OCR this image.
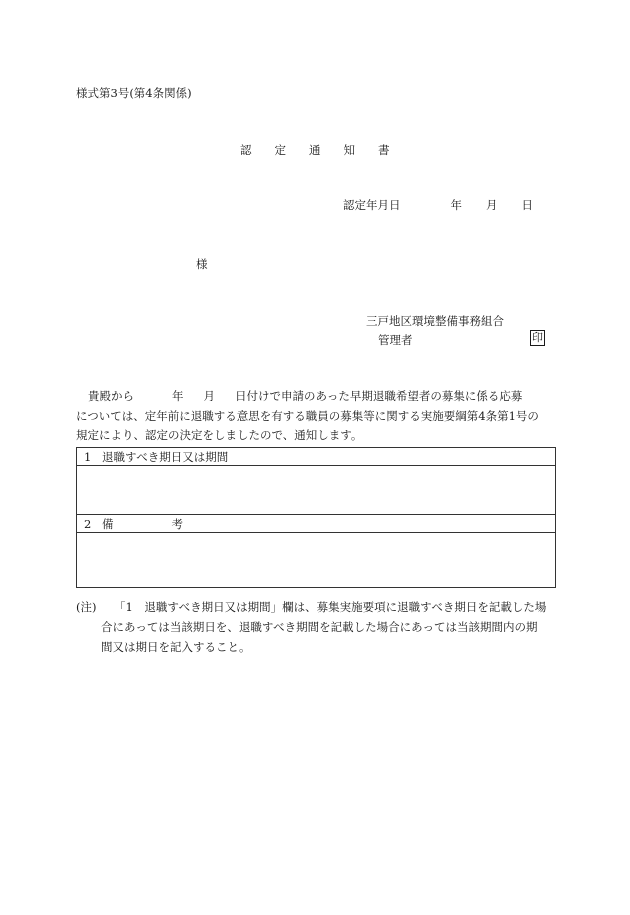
様式第3号(第4条関係)
認 定 通 知 書
認定年月日	年 月 日
様
三戸地区環境整備事務組合
管理者	印
貴殿から	年 月 日付けで申請のあった早期退職希望者の募集に係る応募
については、定年前に退職する意思を有する職員の募集等に関する実施要綱第4条第1号の
規定により、認定の決定をしましたので、通知します。
1 退職すべき期日又は期間
2 備	考
(注) 「1　退職すべき期日又は期間」欄は、募集実施要項に退職すべき期日を記載した場
合にあっては当該期日を、退職すべき期間を記載した場合にあっては当該期間内の期
間又は期日を記入すること。
